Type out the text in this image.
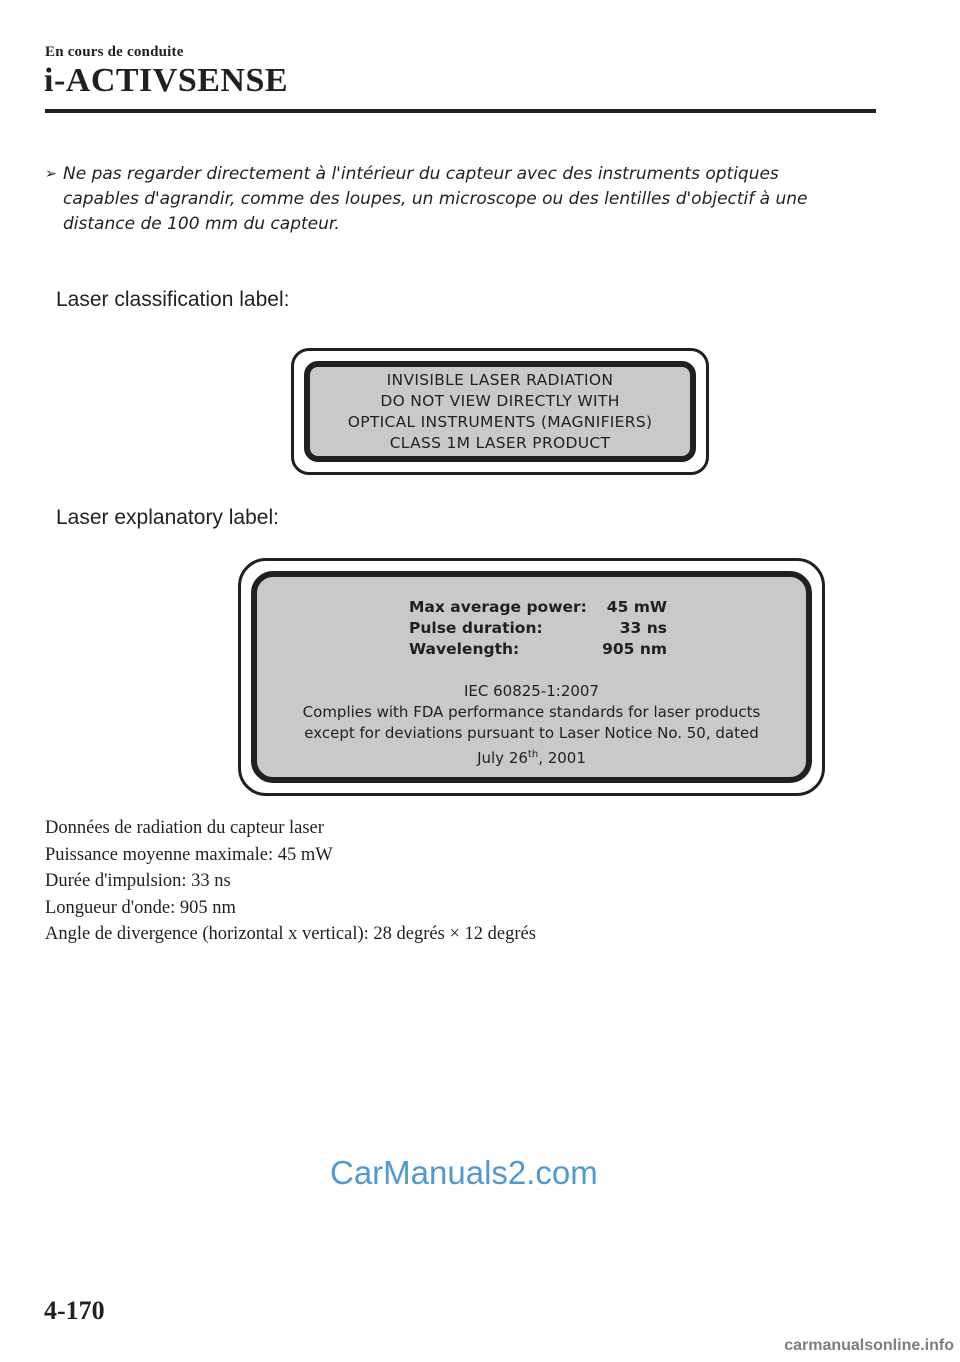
En cours de conduite
i-ACTIVSENSE
➢ Ne pas regarder directement à l'intérieur du capteur avec des instruments optiques
capables d'agrandir, comme des loupes, un microscope ou des lentilles d'objectif à une
distance de 100 mm du capteur.
Laser classification label:
INVISIBLE LASER RADIATION
DO NOT VIEW DIRECTLY WITH
OPTICAL INSTRUMENTS (MAGNIFIERS)
CLASS 1M LASER PRODUCT
Laser explanatory label:
Max average power:	45 mW
Pulse duration:	33 ns
Wavelength:	905 nm
IEC 60825-1:2007
Complies with FDA performance standards for laser products
except for deviations pursuant to Laser Notice No. 50, dated
July 26th, 2001
Données de radiation du capteur laser
Puissance moyenne maximale: 45 mW
Durée d'impulsion: 33 ns
Longueur d'onde: 905 nm
Angle de divergence (horizontal x vertical): 28 degrés × 12 degrés
CarManuals2.com
4-170
carmanualsonline.info
